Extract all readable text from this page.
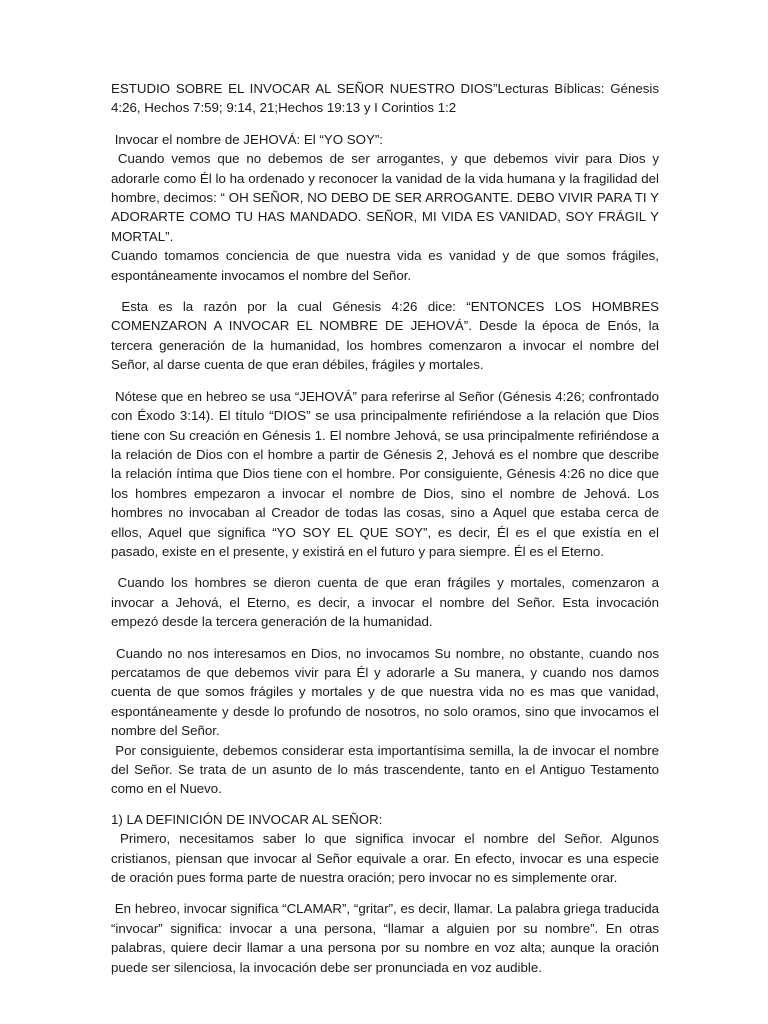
ESTUDIO SOBRE EL INVOCAR AL SEÑOR NUESTRO DIOS”Lecturas Bíblicas: Génesis 4:26, Hechos 7:59; 9:14, 21;Hechos 19:13 y I Corintios 1:2

Invocar el nombre de JEHOVÁ: El “YO SOY”:

Cuando vemos que no debemos de ser arrogantes, y que debemos vivir para Dios y adorarle como Él lo ha ordenado y reconocer la vanidad de la vida humana y la fragilidad del hombre, decimos: “ OH SEÑOR, NO DEBO DE SER ARROGANTE. DEBO VIVIR PARA TI Y ADORARTE COMO TU HAS MANDADO. SEÑOR, MI VIDA ES VANIDAD, SOY FRÁGIL Y MORTAL”.

Cuando tomamos conciencia de que nuestra vida es vanidad y de que somos frágiles, espontáneamente invocamos el nombre del Señor.

Esta es la razón por la cual Génesis 4:26 dice: “ENTONCES LOS HOMBRES COMENZARON A INVOCAR EL NOMBRE DE JEHOVÁ”. Desde la época de Enós, la tercera generación de la humanidad, los hombres comenzaron a invocar el nombre del Señor, al darse cuenta de que eran débiles, frágiles y mortales.

Nótese que en hebreo se usa “JEHOVÁ” para referirse al Señor (Génesis 4:26; confrontado con Éxodo 3:14). El título “DIOS” se usa principalmente refiriéndose a la relación que Dios tiene con Su creación en Génesis 1. El nombre Jehová, se usa principalmente refiriéndose a la relación de Dios con el hombre a partir de Génesis 2, Jehová es el nombre que describe la relación íntima que Dios tiene con el hombre. Por consiguiente, Génesis 4:26 no dice que los hombres empezaron a invocar el nombre de Dios, sino el nombre de Jehová. Los hombres no invocaban al Creador de todas las cosas, sino a Aquel que estaba cerca de ellos, Aquel que significa “YO SOY EL QUE SOY”, es decir, Él es el que existía en el pasado, existe en el presente, y existirá en el futuro y para siempre. Él es el Eterno.

Cuando los hombres se dieron cuenta de que eran frágiles y mortales, comenzaron a invocar a Jehová, el Eterno, es decir, a invocar el nombre del Señor. Esta invocación empezó desde la tercera generación de la humanidad.

Cuando no nos interesamos en Dios, no invocamos Su nombre, no obstante, cuando nos percatamos de que debemos vivir para Él y adorarle a Su manera, y cuando nos damos cuenta de que somos frágiles y mortales y de que nuestra vida no es mas que vanidad, espontáneamente y desde lo profundo de nosotros, no solo oramos, sino que invocamos el nombre del Señor.

Por consiguiente, debemos considerar esta importantísima semilla, la de invocar el nombre del Señor. Se trata de un asunto de lo más trascendente, tanto en el Antiguo Testamento como en el Nuevo.

1) LA DEFINICIÓN DE INVOCAR AL SEÑOR:

Primero, necesitamos saber lo que significa invocar el nombre del Señor. Algunos cristianos, piensan que invocar al Señor equivale a orar. En efecto, invocar es una especie de oración pues forma parte de nuestra oración; pero invocar no es simplemente orar.

En hebreo, invocar significa “CLAMAR”, “gritar”, es decir, llamar. La palabra griega traducida “invocar” significa: invocar a una persona, “llamar a alguien por su nombre”. En otras palabras, quiere decir llamar a una persona por su nombre en voz alta; aunque la oración puede ser silenciosa, la invocación debe ser pronunciada en voz audible.
